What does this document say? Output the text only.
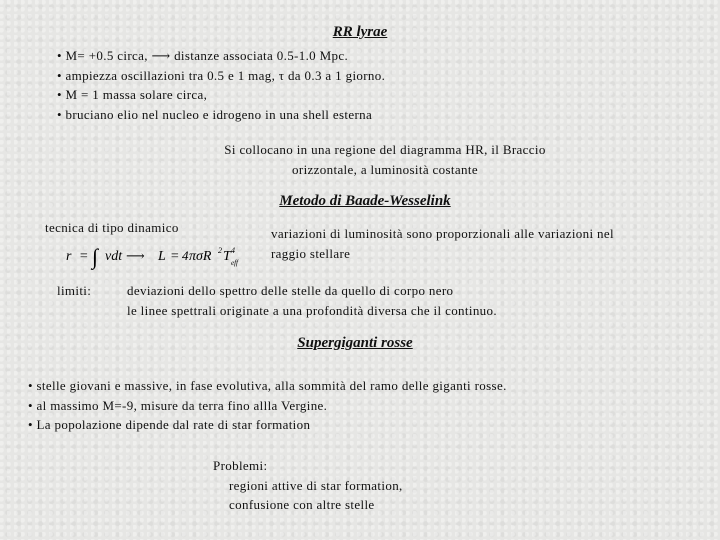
RR lyrae
• M= +0.5 circa, ⟶ distanze associata 0.5-1.0 Mpc.
• ampiezza oscillazioni tra 0.5 e 1 mag, τ da 0.3 a 1 giorno.
• M = 1 massa solare circa,
• bruciano elio nel nucleo e idrogeno in una shell esterna
Si collocano in una regione del diagramma HR, il Braccio
orizzontale, a luminosità costante
Metodo di Baade-Wesselink
tecnica di tipo dinamico
r = ∫ vdt ⟶ L = 4 πσR 2 T 4
eff
variazioni di luminosità sono proporzionali alle variazioni nel
raggio stellare
limiti:	deviazioni dello spettro delle stelle da quello di corpo nero
le linee spettrali originate a una profondità diversa che il continuo.
Supergiganti rosse
• stelle giovani e massive, in fase evolutiva, alla sommità del ramo delle giganti rosse.
• al massimo M=-9, misure da terra fino allla Vergine.
• La popolazione dipende dal rate di star formation
Problemi:
regioni attive di star formation,
confusione con altre stelle
